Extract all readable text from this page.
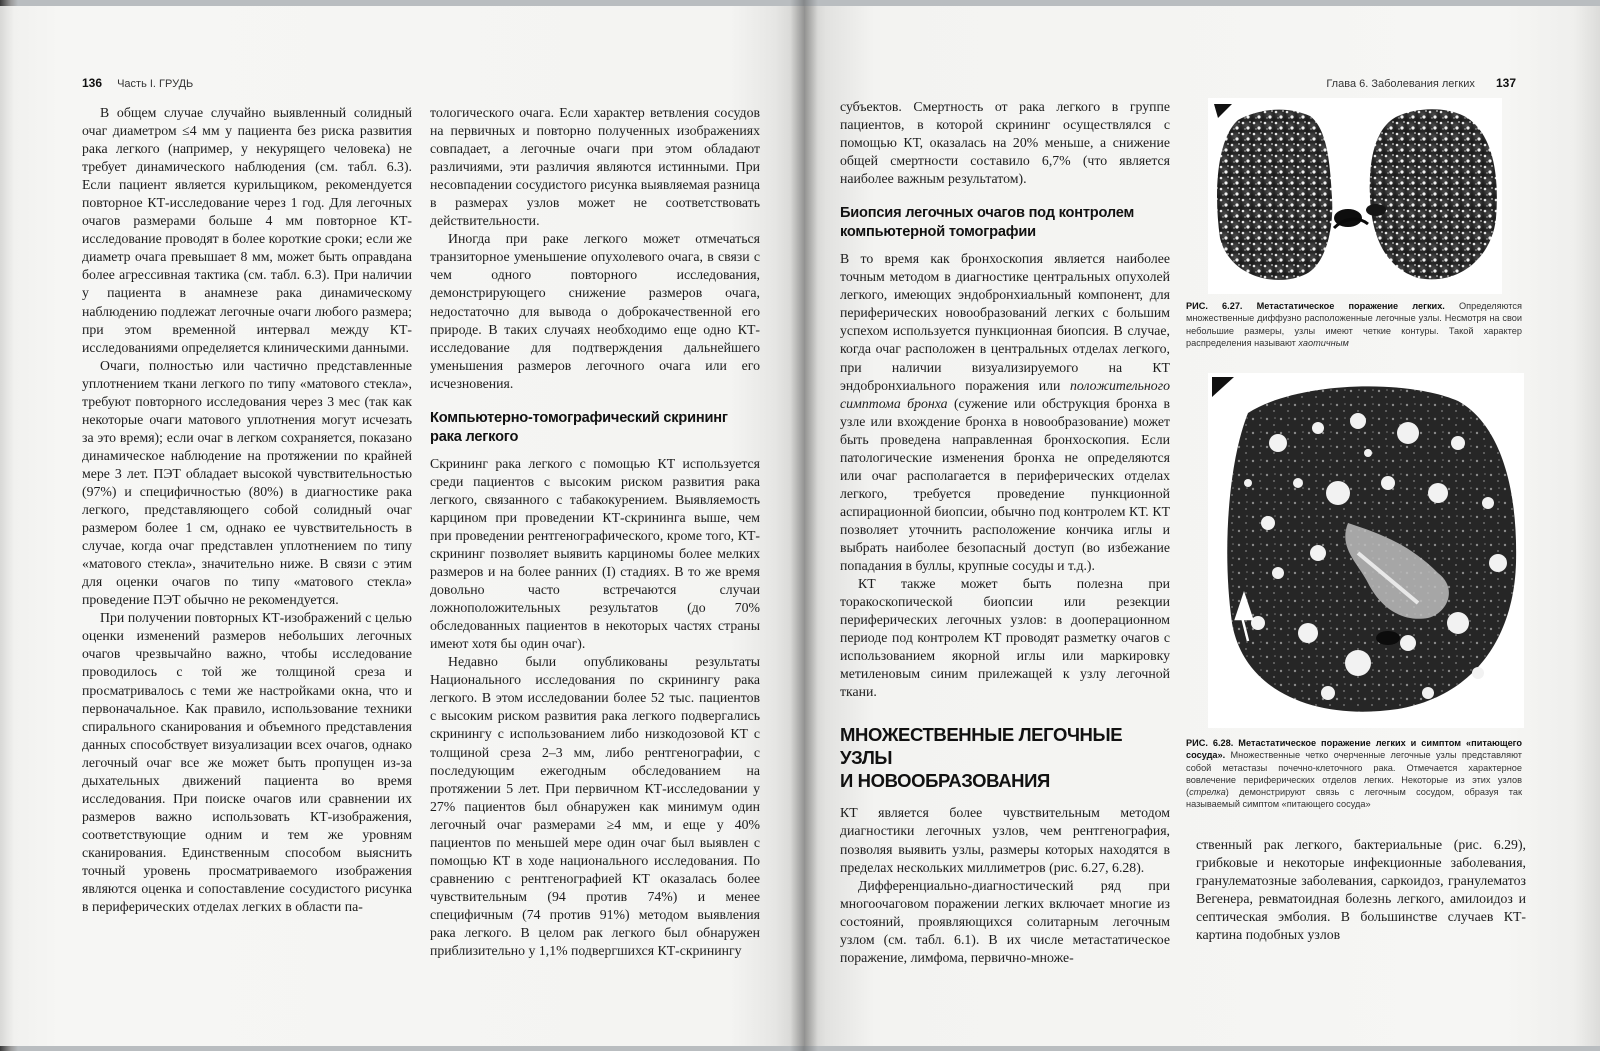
136 Часть I. ГРУДЬ

В общем случае случайно выявленный солидный очаг диаметром ≤4 мм у пациента без риска развития рака легкого (например, у некурящего человека) не требует динамического наблюдения (см. табл. 6.3). Если пациент является курильщиком, рекомендуется повторное КТ-исследование через 1 год. Для легочных очагов размерами больше 4 мм повторное КТ-исследование проводят в более короткие сроки; если же диаметр очага превышает 8 мм, может быть оправдана более агрессивная тактика (см. табл. 6.3). При наличии у пациента в анамнезе рака динамическому наблюдению подлежат легочные очаги любого размера; при этом временной интервал между КТ-исследованиями определяется клиническими данными.

Очаги, полностью или частично представленные уплотнением ткани легкого по типу «матового стекла», требуют повторного исследования через 3 мес (так как некоторые очаги матового уплотнения могут исчезать за это время); если очаг в легком сохраняется, показано динамическое наблюдение на протяжении по крайней мере 3 лет. ПЭТ обладает высокой чувствительностью (97%) и специфичностью (80%) в диагностике рака легкого, представляющего собой солидный очаг размером более 1 см, однако ее чувствительность в случае, когда очаг представлен уплотнением по типу «матового стекла», значительно ниже. В связи с этим для оценки очагов по типу «матового стекла» проведение ПЭТ обычно не рекомендуется.

При получении повторных КТ-изображений с целью оценки изменений размеров небольших легочных очагов чрезвычайно важно, чтобы исследование проводилось с той же толщиной среза и просматривалось с теми же настройками окна, что и первоначальное. Как правило, использование техники спирального сканирования и объемного представления данных способствует визуализации всех очагов, однако легочный очаг все же может быть пропущен из-за дыхательных движений пациента во время исследования. При поиске очагов или сравнении их размеров важно использовать КТ-изображения, соответствующие одним и тем же уровням сканирования. Единственным способом выяснить точный уровень просматриваемого изображения являются оценка и сопоставление сосудистого рисунка в периферических отделах легких в области па-

тологического очага. Если характер ветвления сосудов на первичных и повторно полученных изображениях совпадает, а легочные очаги при этом обладают различиями, эти различия являются истинными. При несовпадении сосудистого рисунка выявляемая разница в размерах узлов может не соответствовать действительности.

Иногда при раке легкого может отмечаться транзиторное уменьшение опухолевого очага, в связи с чем одного повторного исследования, демонстрирующего снижение размеров очага, недостаточно для вывода о доброкачественной его природе. В таких случаях необходимо еще одно КТ-исследование для подтверждения дальнейшего уменьшения размеров легочного очага или его исчезновения.

Компьютерно-томографический скрининг рака легкого

Скрининг рака легкого с помощью КТ используется среди пациентов с высоким риском развития рака легкого, связанного с табакокурением. Выявляемость карцином при проведении КТ-скрининга выше, чем при проведении рентгенографического, кроме того, КТ-скрининг позволяет выявить карциномы более мелких размеров и на более ранних (I) стадиях. В то же время довольно часто встречаются случаи ложноположительных результатов (до 70% обследованных пациентов в некоторых частях страны имеют хотя бы один очаг).

Недавно были опубликованы результаты Национального исследования по скринингу рака легкого. В этом исследовании более 52 тыс. пациентов с высоким риском развития рака легкого подвергались скринингу с использованием либо низкодозовой КТ с толщиной среза 2–3 мм, либо рентгенографии, с последующим ежегодным обследованием на протяжении 5 лет. При первичном КТ-исследовании у 27% пациентов был обнаружен как минимум один легочный очаг размерами ≥4 мм, и еще у 40% пациентов по меньшей мере один очаг был выявлен с помощью КТ в ходе национального исследования. По сравнению с рентгенографией КТ оказалась более чувствительным (94 против 74%) и менее специфичным (74 против 91%) методом выявления рака легкого. В целом рак легкого был обнаружен приблизительно у 1,1% подвергшихся КТ-скринингу

Глава 6. Заболевания легких 137

субъектов. Смертность от рака легкого в группе пациентов, в которой скрининг осуществлялся с помощью КТ, оказалась на 20% меньше, а снижение общей смертности составило 6,7% (что является наиболее важным результатом).

Биопсия легочных очагов под контролем компьютерной томографии

В то время как бронхоскопия является наиболее точным методом в диагностике центральных опухолей легкого, имеющих эндобронхиальный компонент, для периферических новообразований легких с большим успехом используется пункционная биопсия. В случае, когда очаг расположен в центральных отделах легкого, при наличии визуализируемого на КТ эндобронхиального поражения или положительного симптома бронха (сужение или обструкция бронха в узле или вхождение бронха в новообразование) может быть проведена направленная бронхоскопия. Если патологические изменения бронха не определяются или очаг располагается в периферических отделах легкого, требуется проведение пункционной аспирационной биопсии, обычно под контролем КТ. КТ позволяет уточнить расположение кончика иглы и выбрать наиболее безопасный доступ (во избежание попадания в буллы, крупные сосуды и т.д.).

КТ также может быть полезна при торакоскопической биопсии или резекции периферических легочных узлов: в дооперационном периоде под контролем КТ проводят разметку очагов с использованием якорной иглы или маркировку метиленовым синим прилежащей к узлу легочной ткани.

МНОЖЕСТВЕННЫЕ ЛЕГОЧНЫЕ УЗЛЫ
И НОВООБРАЗОВАНИЯ

КТ является более чувствительным методом диагностики легочных узлов, чем рентгенография, позволяя выявить узлы, размеры которых находятся в пределах нескольких миллиметров (рис. 6.27, 6.28).

Дифференциально-диагностический ряд при многоочаговом поражении легких включает многие из состояний, проявляющихся солитарным легочным узлом (см. табл. 6.1). В их числе метастатическое поражение, лимфома, первично-множе-

РИС. 6.27. Метастатическое поражение легких. Определяются множественные диффузно расположенные легочные узлы. Несмотря на свои небольшие размеры, узлы имеют четкие контуры. Такой характер распределения называют хаотичным
РИС. 6.28. Метастатическое поражение легких и симптом «питающего сосуда». Множественные четко очерченные легочные узлы представляют собой метастазы почечно-клеточного рака. Отмечается характерное вовлечение периферических отделов легких. Некоторые из этих узлов (стрелка) демонстрируют связь с легочным сосудом, образуя так называемый симптом «питающего сосуда»
ственный рак легкого, бактериальные (рис. 6.29), грибковые и некоторые инфекционные заболевания, гранулематозные заболевания, саркоидоз, гранулематоз Вегенера, ревматоидная болезнь легкого, амилоидоз и септическая эмболия. В большинстве случаев КТ-картина подобных узлов
